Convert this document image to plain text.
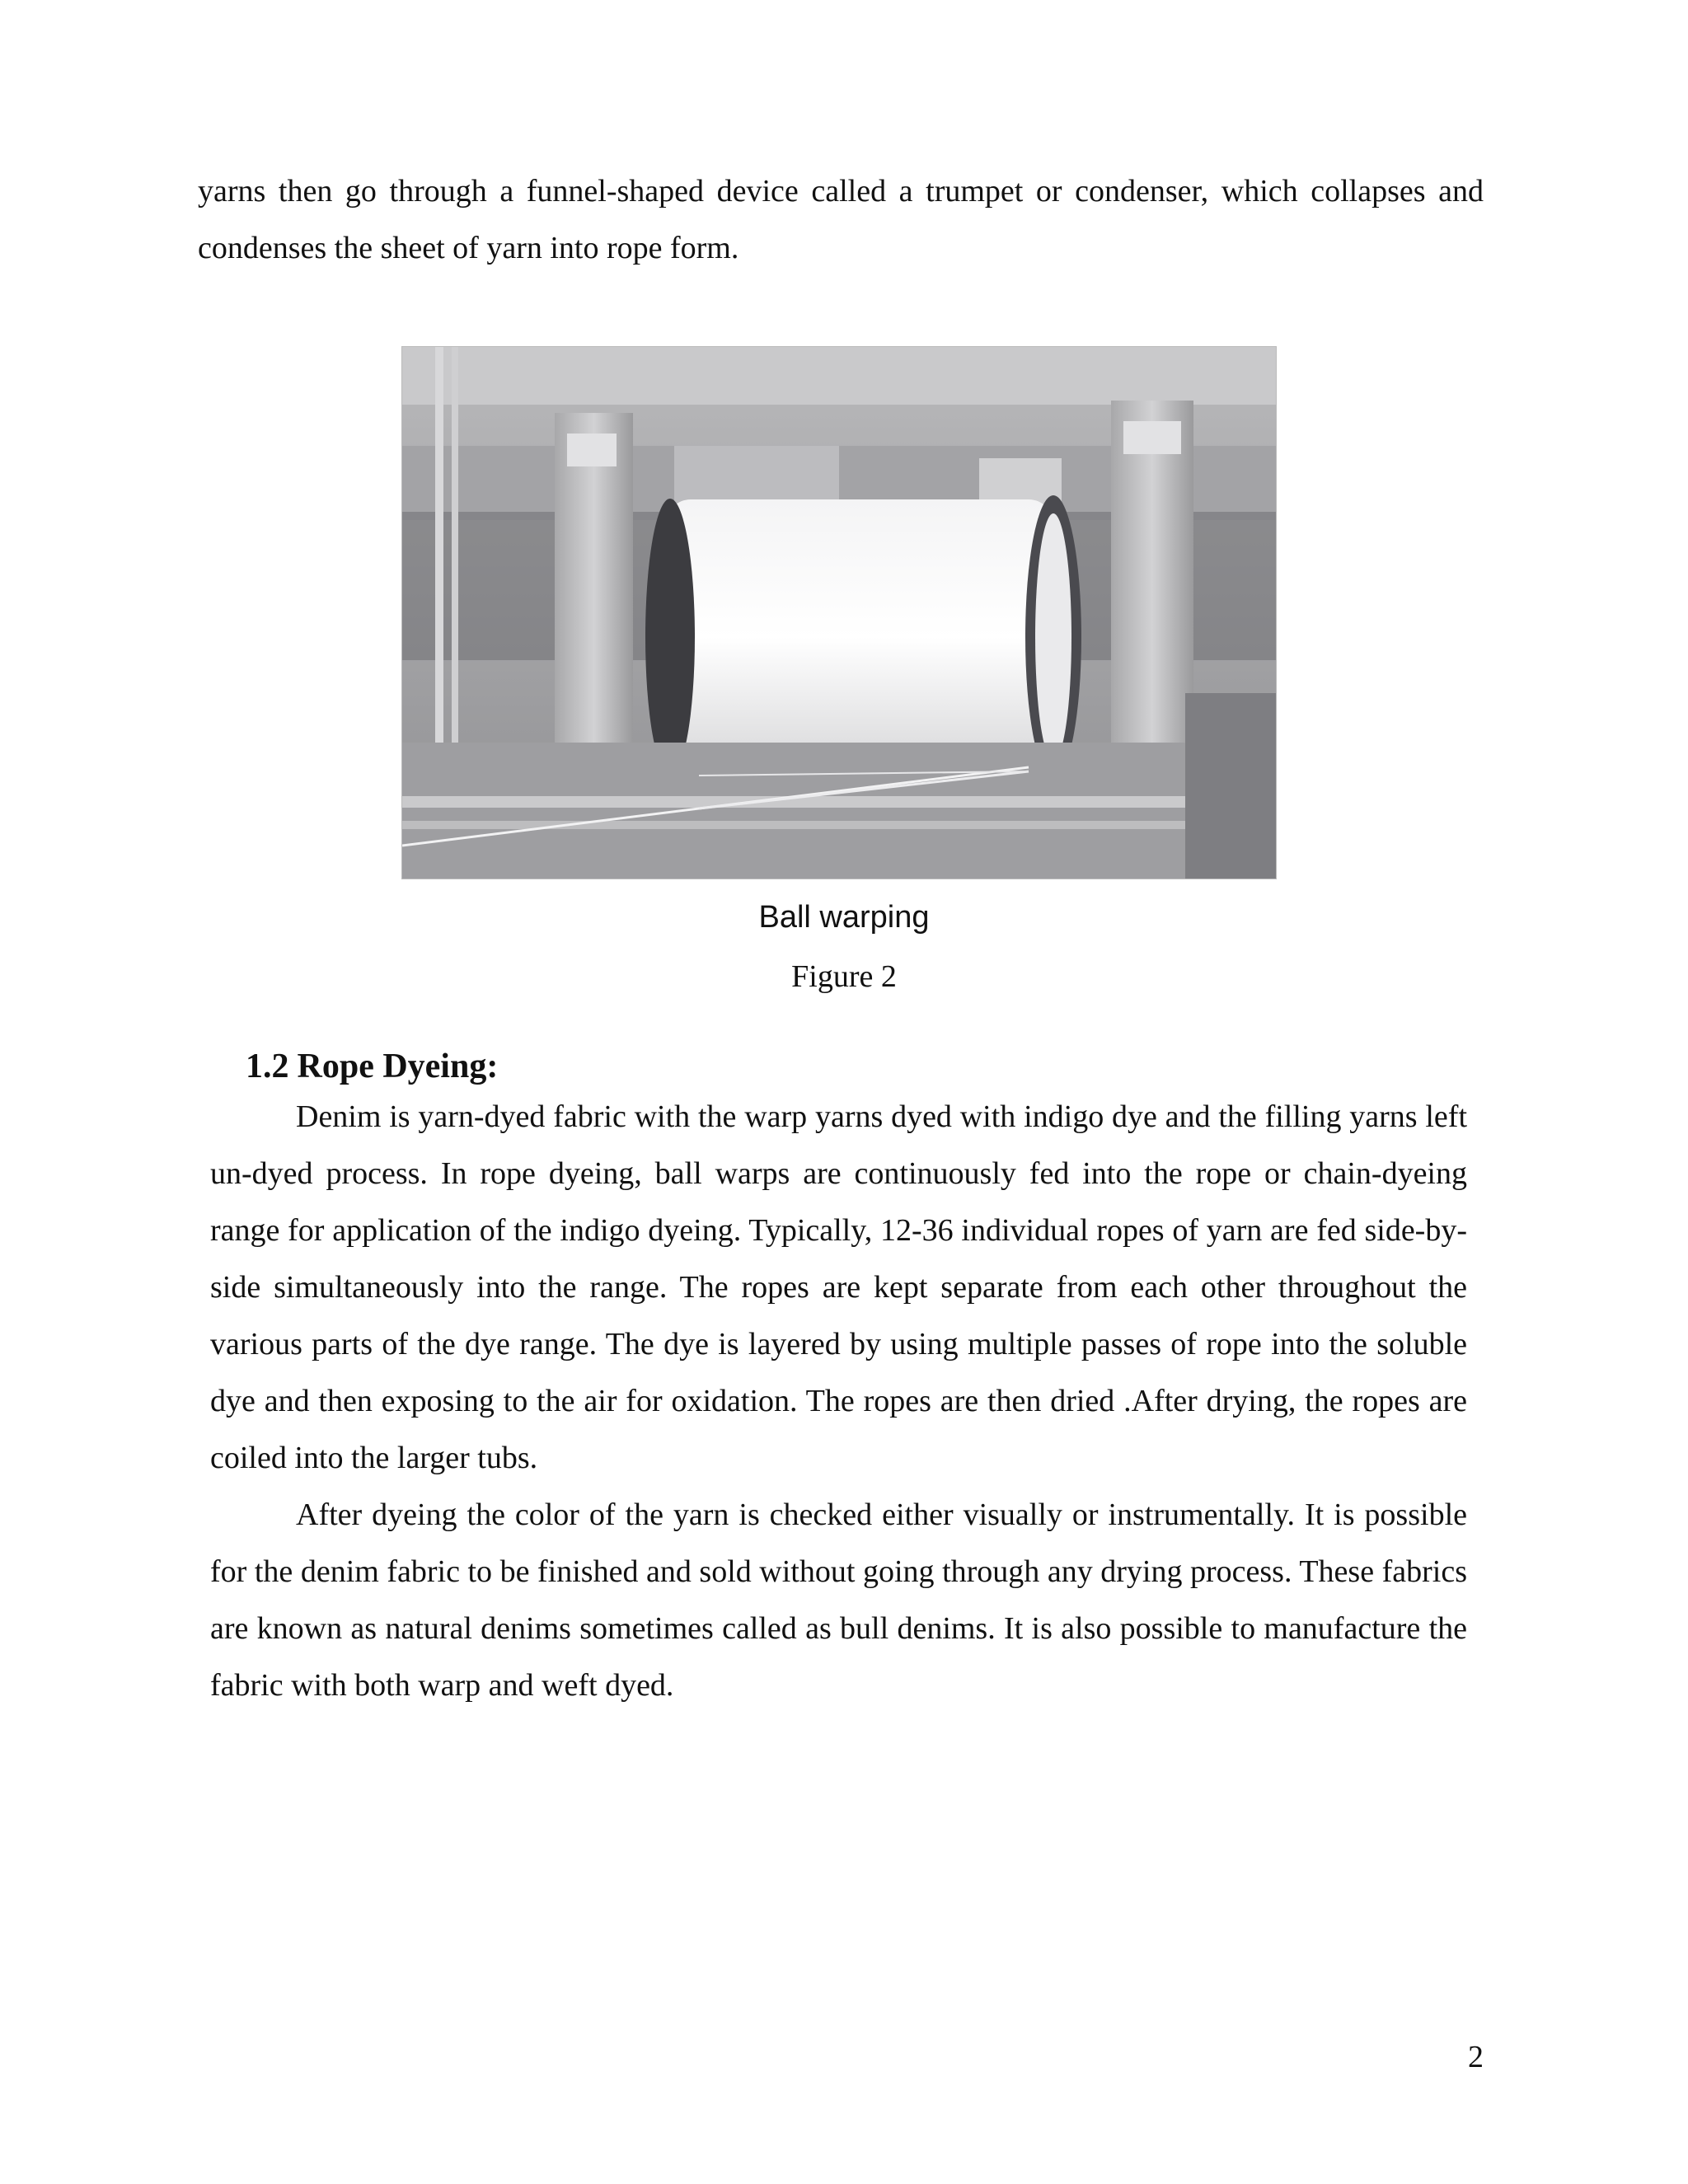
yarns then go through a funnel-shaped device called a trumpet or condenser, which collapses and condenses the sheet of yarn into rope form.

Ball warping

Figure 2

1.2 Rope Dyeing:

Denim is yarn-dyed fabric with the warp yarns dyed with indigo dye and the filling yarns left un-dyed process. In rope dyeing, ball warps are continuously fed into the rope or chain-dyeing range for application of the indigo dyeing. Typically, 12-36 individual ropes of yarn are fed side-by-side simultaneously into the range. The ropes are kept separate from each other throughout the various parts of the dye range. The dye is layered by using multiple passes of rope into the soluble dye and then exposing to the air for oxidation. The ropes are then dried .After drying, the ropes are coiled into the larger tubs.

After dyeing the color of the yarn is checked either visually or instrumentally. It is possible for the denim fabric to be finished and sold without going through any drying process. These fabrics are known as natural denims sometimes called as bull denims. It is also possible to manufacture the fabric with both warp and weft dyed.

2
